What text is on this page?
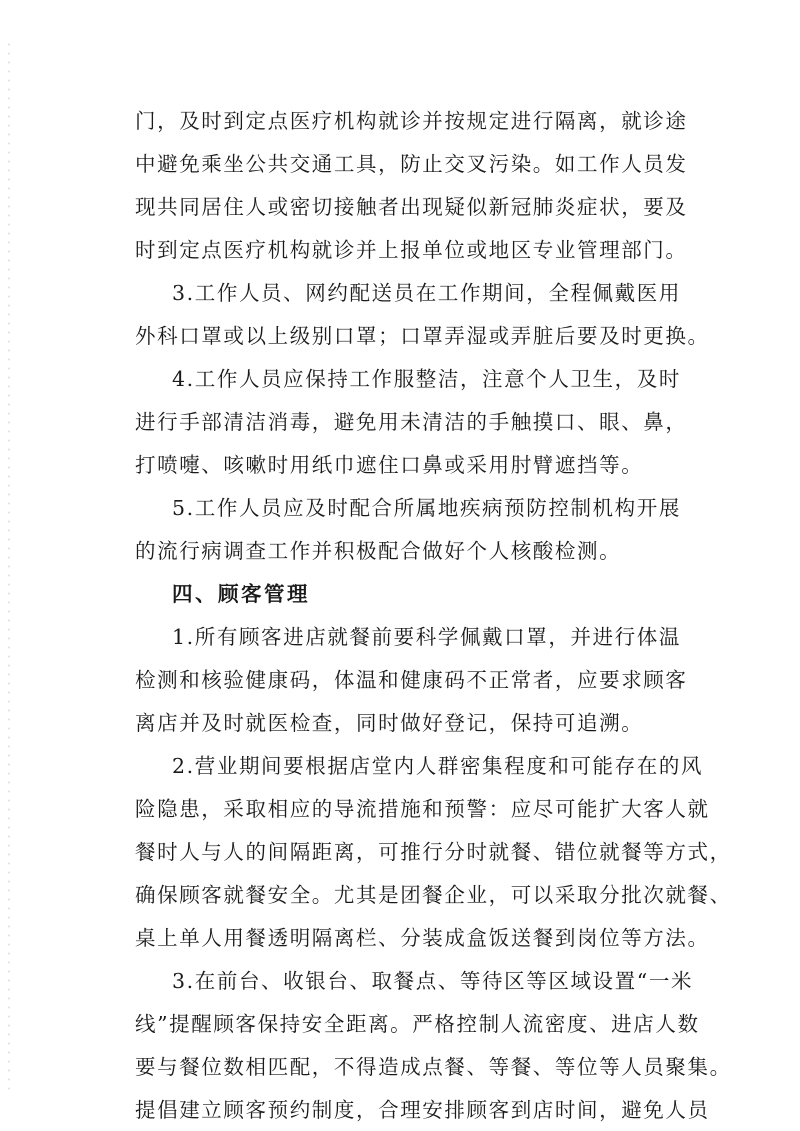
门，及时到定点医疗机构就诊并按规定进行隔离，就诊途
中避免乘坐公共交通工具，防止交叉污染。如工作人员发
现共同居住人或密切接触者出现疑似新冠肺炎症状，要及
时到定点医疗机构就诊并上报单位或地区专业管理部门。
3.工作人员、网约配送员在工作期间，全程佩戴医用
外科口罩或以上级别口罩；口罩弄湿或弄脏后要及时更换。
4.工作人员应保持工作服整洁，注意个人卫生，及时
进行手部清洁消毒，避免用未清洁的手触摸口、眼、鼻，
打喷嚏、咳嗽时用纸巾遮住口鼻或采用肘臂遮挡等。
5.工作人员应及时配合所属地疾病预防控制机构开展
的流行病调查工作并积极配合做好个人核酸检测。
四、顾客管理
1.所有顾客进店就餐前要科学佩戴口罩，并进行体温
检测和核验健康码，体温和健康码不正常者，应要求顾客
离店并及时就医检查，同时做好登记，保持可追溯。
2.营业期间要根据店堂内人群密集程度和可能存在的风
险隐患，采取相应的导流措施和预警：应尽可能扩大客人就
餐时人与人的间隔距离，可推行分时就餐、错位就餐等方式，
确保顾客就餐安全。尤其是团餐企业，可以采取分批次就餐、
桌上单人用餐透明隔离栏、分装成盒饭送餐到岗位等方法。
3.在前台、收银台、取餐点、等待区等区域设置“一米
线”提醒顾客保持安全距离。严格控制人流密度、进店人数
要与餐位数相匹配，不得造成点餐、等餐、等位等人员聚集。
提倡建立顾客预约制度，合理安排顾客到店时间，避免人员
